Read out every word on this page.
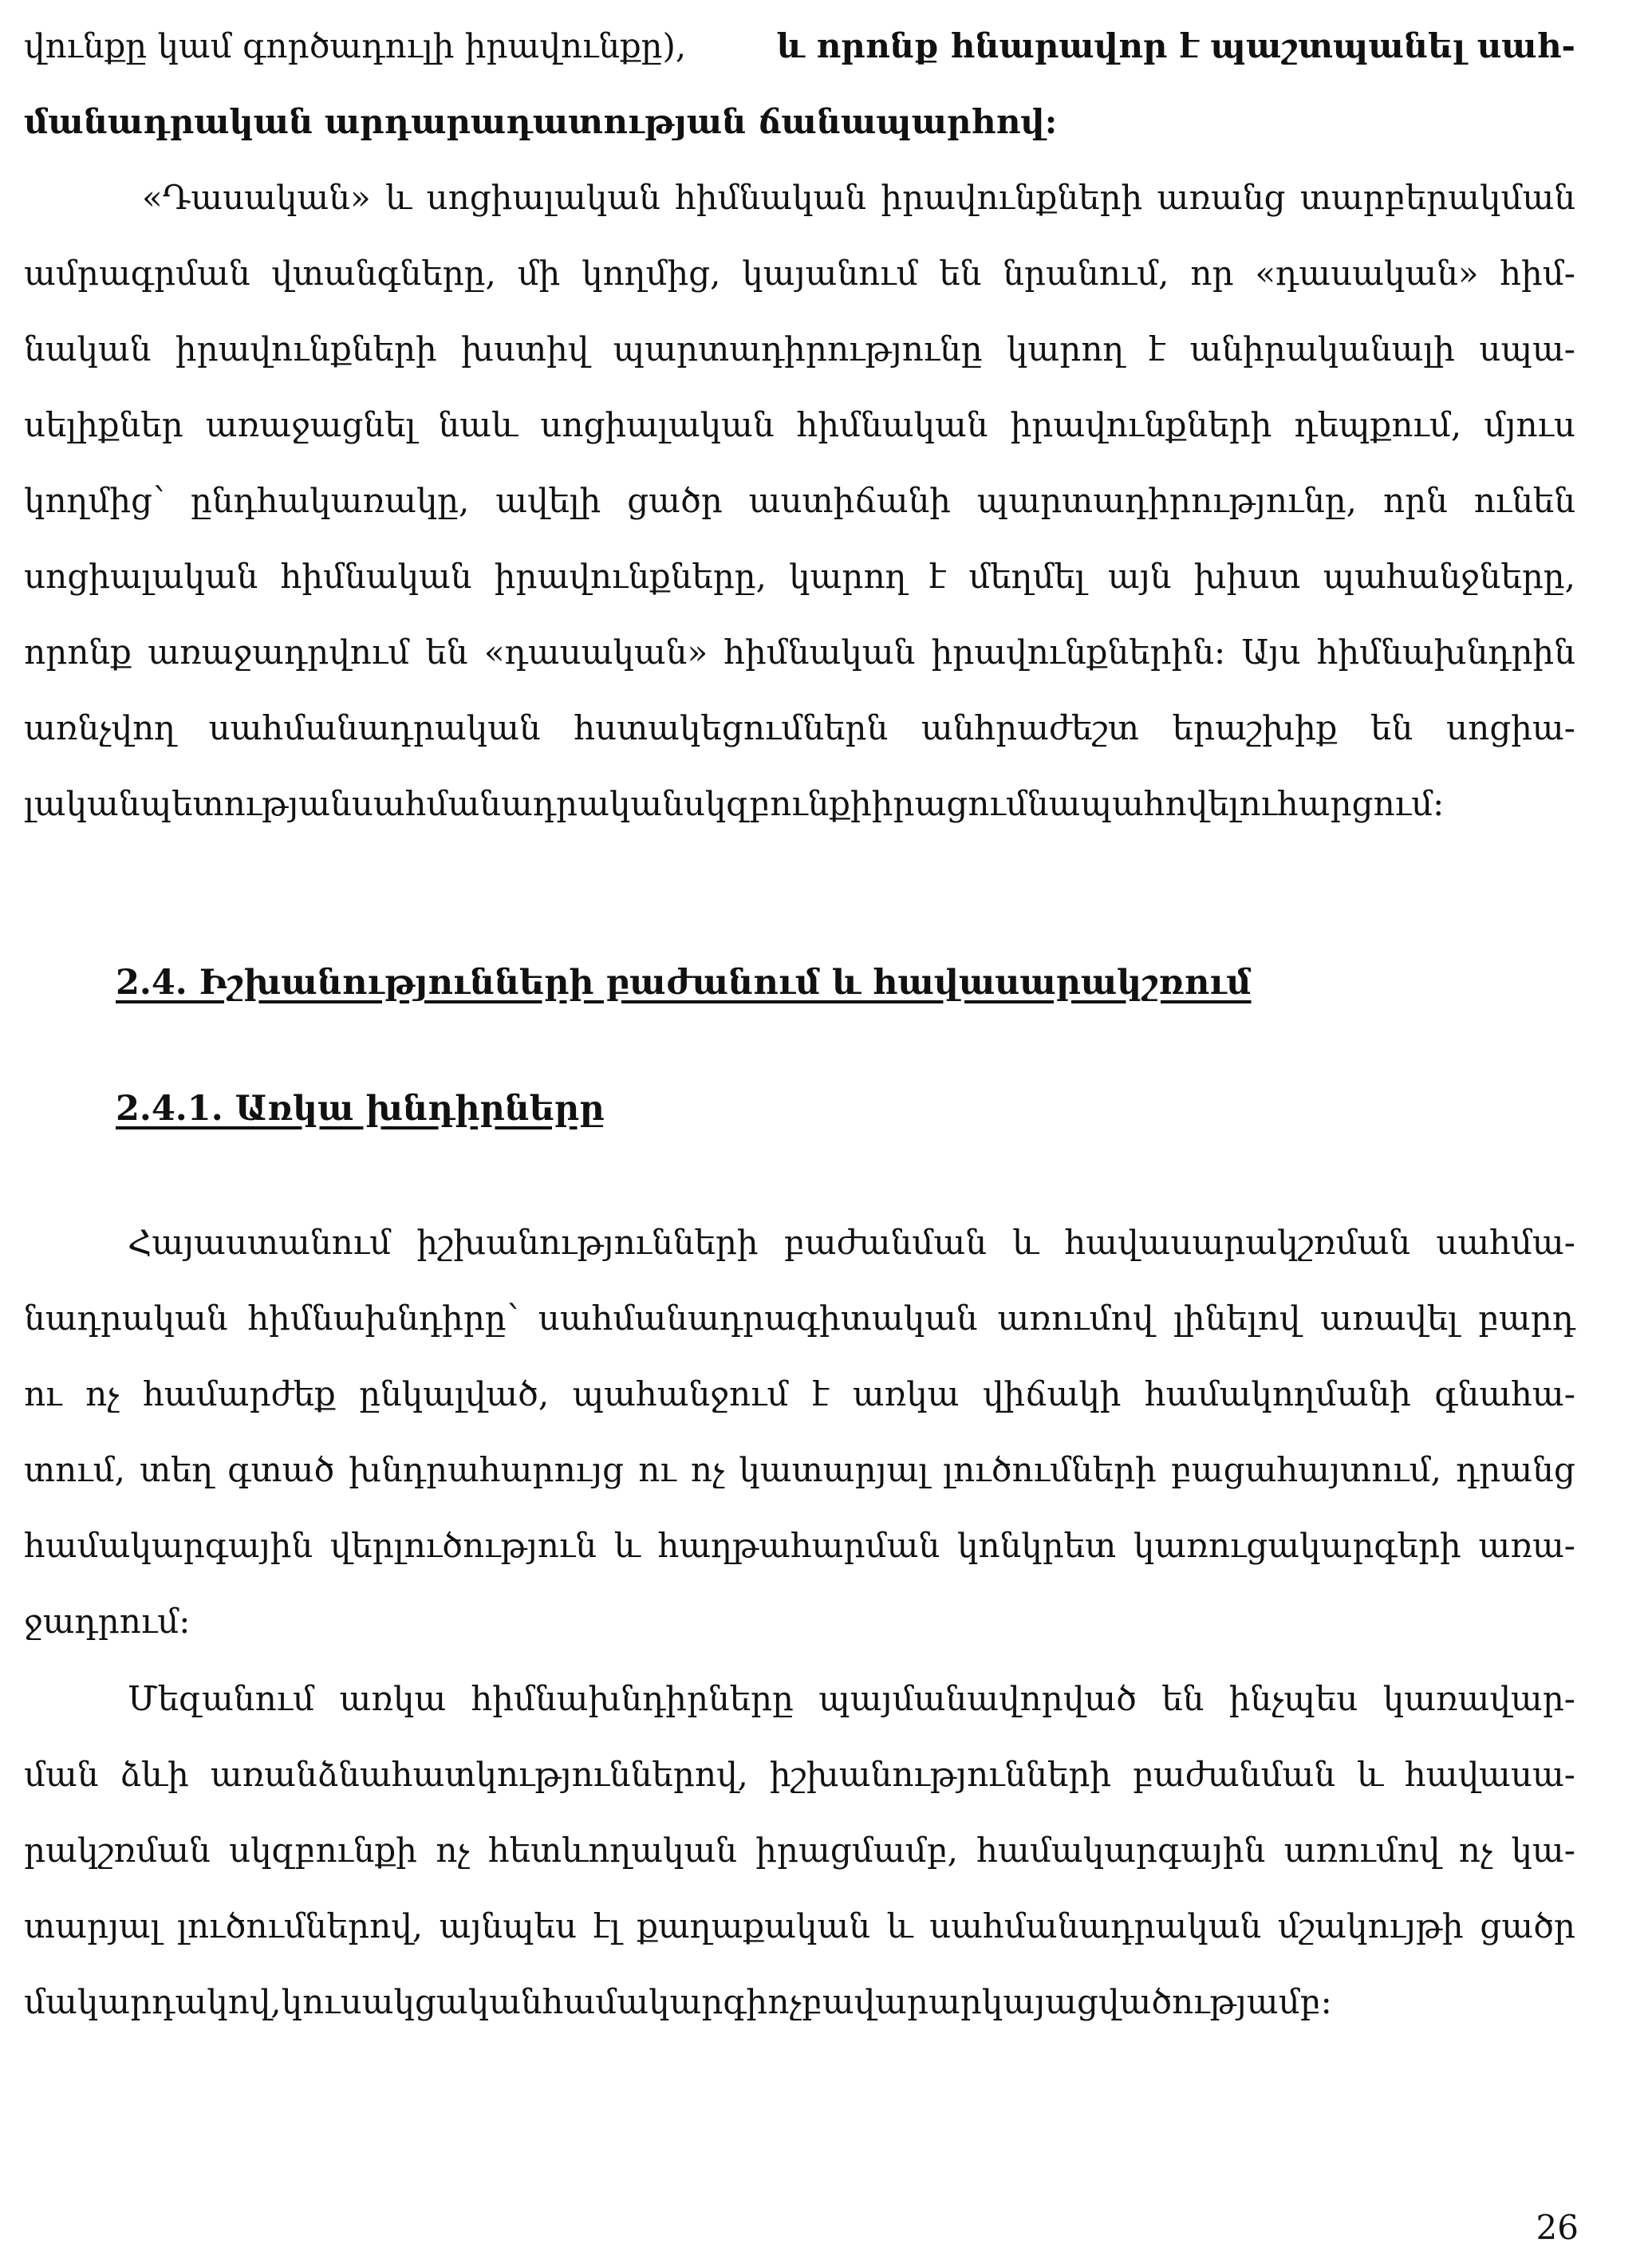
վունքը կամ գործադուլի իրավունքը),	և որոնք հնարավոր է պաշտպանել սահ-
մանադրական արդարադատության ճանապարհով:
«Դասական» և սոցիալական հիմնական իրավունքների առանց տարբերակման
ամրագրման վտանգները, մի կողմից, կայանում են նրանում, որ «դասական» հիմ-
նական իրավունքների խստիվ պարտադիրությունը կարող է անիրականալի սպա-
սելիքներ առաջացնել նաև սոցիալական հիմնական իրավունքների դեպքում, մյուս
կողմից՝ ընդհակառակը, ավելի ցածր աստիճանի պարտադիրությունը, որն ունեն
սոցիալական հիմնական իրավունքները, կարող է մեղմել այն խիստ պահանջները,
որոնք առաջադրվում են «դասական» հիմնական իրավունքներին: Այս հիմնախնդրին
առնչվող սահմանադրական հստակեցումներն անհրաժեշտ երաշխիք են սոցիա-
լական պետության սահմանադրական սկզբունքի իրացումն ապահովելու հարցում:
2.4. Իշխանությունների բաժանում և հավասարակշռում
2.4.1. Առկա խնդիրները
Հայաստանում իշխանությունների բաժանման և հավասարակշռման սահմա-
նադրական հիմնախնդիրը՝ սահմանադրագիտական առումով լինելով առավել բարդ
ու ոչ համարժեք ընկալված, պահանջում է առկա վիճակի համակողմանի գնահա-
տում, տեղ գտած խնդրահարույց ու ոչ կատարյալ լուծումների բացահայտում, դրանց
համակարգային վերլուծություն և հաղթահարման կոնկրետ կառուցակարգերի առա-
ջադրում:
Մեզանում առկա հիմնախնդիրները պայմանավորված են ինչպես կառավար-
ման ձևի առանձնահատկություններով, իշխանությունների բաժանման և հավասա-
րակշռման սկզբունքի ոչ հետևողական իրացմամբ, համակարգային առումով ոչ կա-
տարյալ լուծումներով, այնպես էլ քաղաքական և սահմանադրական մշակույթի ցածր
մակարդակով, կուսակցական համակարգի ոչ բավարար կայացվածությամբ:
26
